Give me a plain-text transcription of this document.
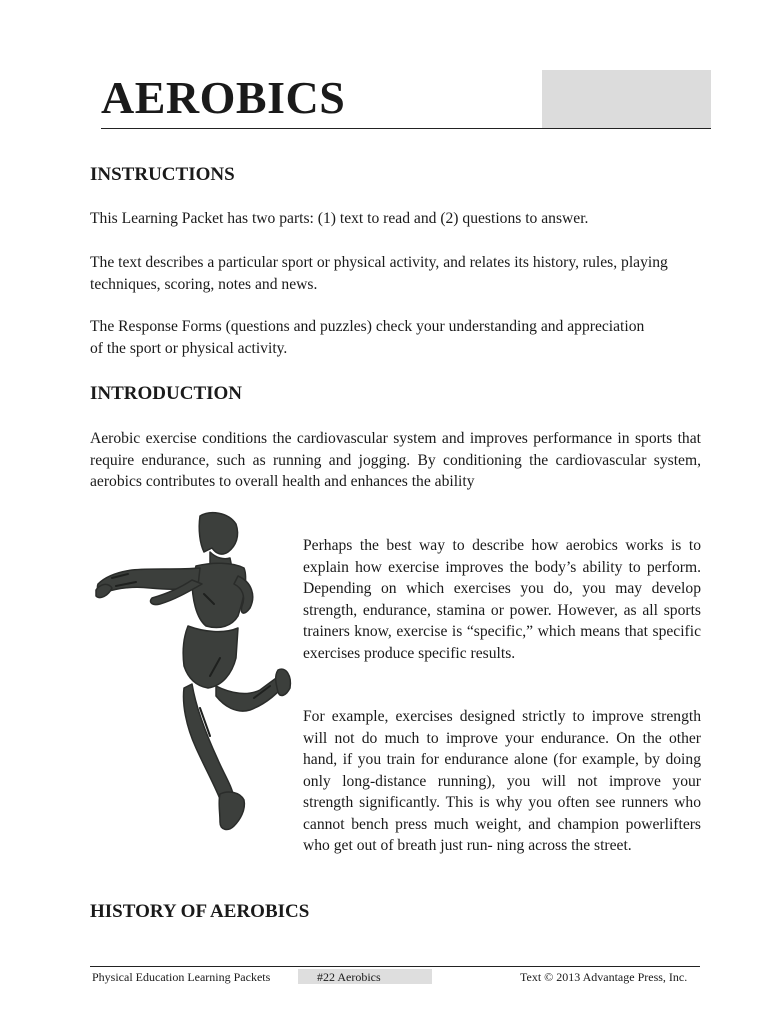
AEROBICS
INSTRUCTIONS

This Learning Packet has two parts: (1) text to read and (2) questions to answer.

The text describes a particular sport or physical activity, and relates its history, rules, playing techniques, scoring, notes and news.

The Response Forms (questions and puzzles) check your understanding and appreciation of the sport or physical activity.

INTRODUCTION

Aerobic exercise conditions the cardiovascular system and improves performance in sports that require endurance, such as running and jogging. By conditioning the cardiovascular system, aerobics contributes to overall health and enhances the ability

Perhaps the best way to describe how aerobics works is to explain how exercise improves the body’s ability to perform. Depending on which exercises you do, you may develop strength, endurance, stamina or power. However, as all sports trainers know, exercise is “specific,” which means that specific exercises produce specific results.

For example, exercises designed strictly to improve strength will not do much to improve your endurance. On the other hand, if you train for endurance alone (for example, by doing only long-distance running), you will not improve your strength significantly. This is why you often see runners who cannot bench press much weight, and champion powerlifters who get out of breath just run- ning across the street.

HISTORY OF AEROBICS
Physical Education Learning Packets	#22 Aerobics	Text © 2013 Advantage Press, Inc.
